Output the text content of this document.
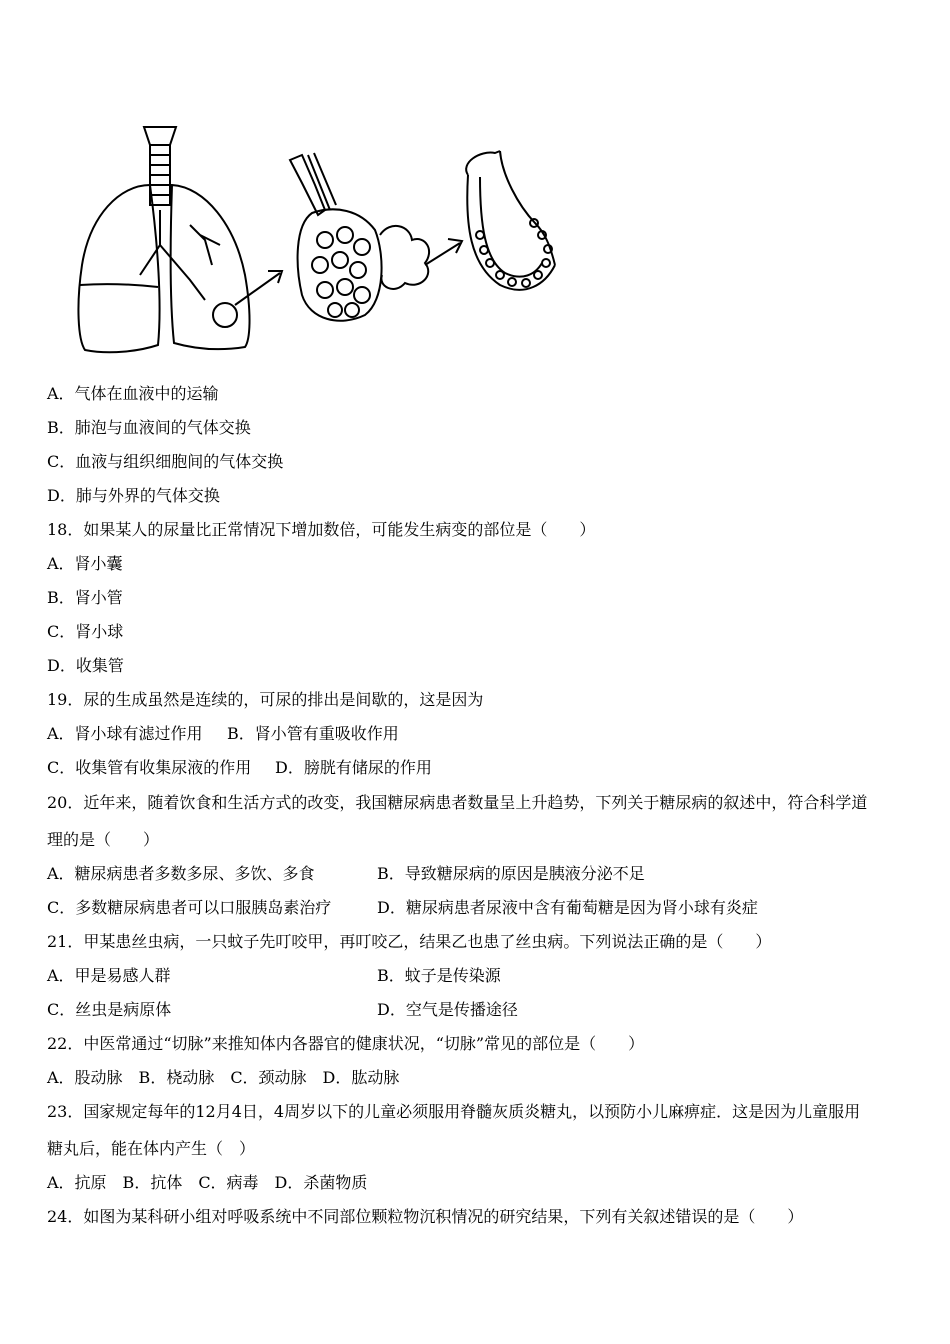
A．气体在血液中的运输
B．肺泡与血液间的气体交换
C．血液与组织细胞间的气体交换
D．肺与外界的气体交换
18．如果某人的尿量比正常情况下增加数倍，可能发生病变的部位是（　　）
A．肾小囊
B．肾小管
C．肾小球
D．收集管
19．尿的生成虽然是连续的，可尿的排出是间歇的，这是因为
A．肾小球有滤过作用 B．肾小管有重吸收作用
C．收集管有收集尿液的作用 D．膀胱有储尿的作用
20．近年来，随着饮食和生活方式的改变，我国糖尿病患者数量呈上升趋势，下列关于糖尿病的叙述中，符合科学道
理的是（　　）
A．糖尿病患者多数多尿、多饮、多食	B．导致糖尿病的原因是胰液分泌不足
C．多数糖尿病患者可以口服胰岛素治疗	D．糖尿病患者尿液中含有葡萄糖是因为肾小球有炎症
21．甲某患丝虫病，一只蚊子先叮咬甲，再叮咬乙，结果乙也患了丝虫病。下列说法正确的是（　　）
A．甲是易感人群	B．蚊子是传染源
C．丝虫是病原体	D．空气是传播途径
22．中医常通过“切脉”来推知体内各器官的健康状况，“切脉”常见的部位是（　　）
A．股动脉　B．桡动脉　C．颈动脉　D．肱动脉
23．国家规定每年的12月4日，4周岁以下的儿童必须服用脊髓灰质炎糖丸，以预防小儿麻痹症．这是因为儿童服用
糖丸后，能在体内产生（　）
A．抗原　B．抗体　C．病毒　D．杀菌物质
24．如图为某科研小组对呼吸系统中不同部位颗粒物沉积情况的研究结果，下列有关叙述错误的是（　　）
